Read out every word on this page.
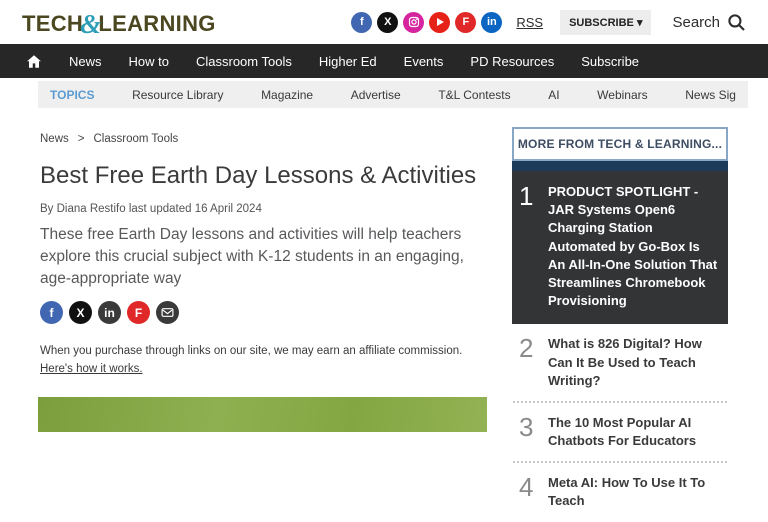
TECH
&
LEARNING	f	X	F	in	RSS	SUBSCRIBE ▾	Search
News How to Classroom Tools Higher Ed Events PD Resources Subscribe
TOPICS	Resource Library	Magazine	Advertise	T&L Contests	AI	Webinars	News Sig
News > Classroom Tools
Best Free Earth Day Lessons & Activities
By Diana Restifo last updated 16 April 2024
These free Earth Day lessons and activities will help teachers explore this crucial subject with K-12 students in an engaging, age-appropriate way
f	X	in	F
When you purchase through links on our site, we may earn an affiliate commission. Here's how it works.
MORE FROM TECH & LEARNING...
1	PRODUCT SPOTLIGHT - JAR Systems Open6 Charging Station Automated by Go-Box Is An All-In-One Solution That Streamlines Chromebook Provisioning
2	What is 826 Digital? How Can It Be Used to Teach Writing?
3	The 10 Most Popular AI Chatbots For Educators
4	Meta AI: How To Use It To Teach
